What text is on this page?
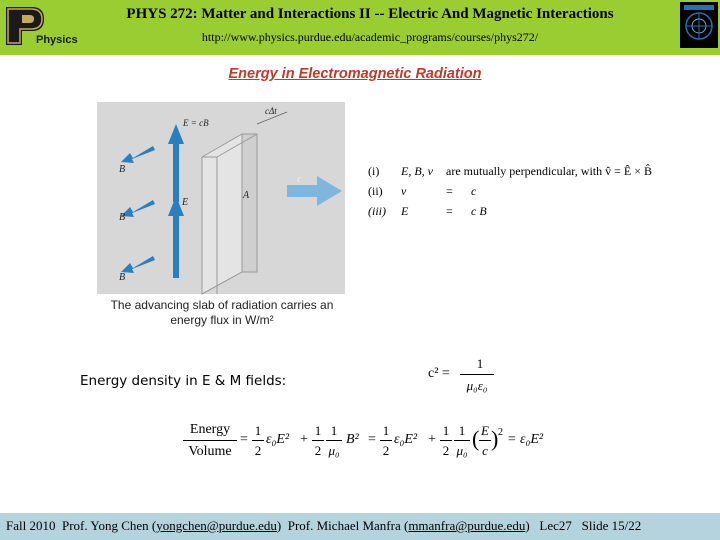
Physics
PHYS 272: Matter and Interactions II -- Electric And Magnetic Interactions
http://www.physics.purdue.edu/academic_programs/courses/phys272/
Energy in Electromagnetic Radiation
E = cB
cΔt
B
B
B
E
A
c
The advancing slab of radiation carries an
energy flux in W/m²
(i) E, B, v are mutually perpendicular, with v̂ = Ê × B̂
(ii) v	= c
(iii) E	= c B
Energy density in E & M fields:	c² =
1
μ₀ε₀
Energy
Volume
=
1
2
ε₀E² +
1
2
1
μ₀
B² =
1
2
ε₀E² +
1
2
1
μ₀ ( E
c ) 2 = ε₀E²
Fall 2010 Prof. Yong Chen (yongchen@purdue.edu) Prof. Michael Manfra (mmanfra@purdue.edu) Lec27 Slide 15/22
